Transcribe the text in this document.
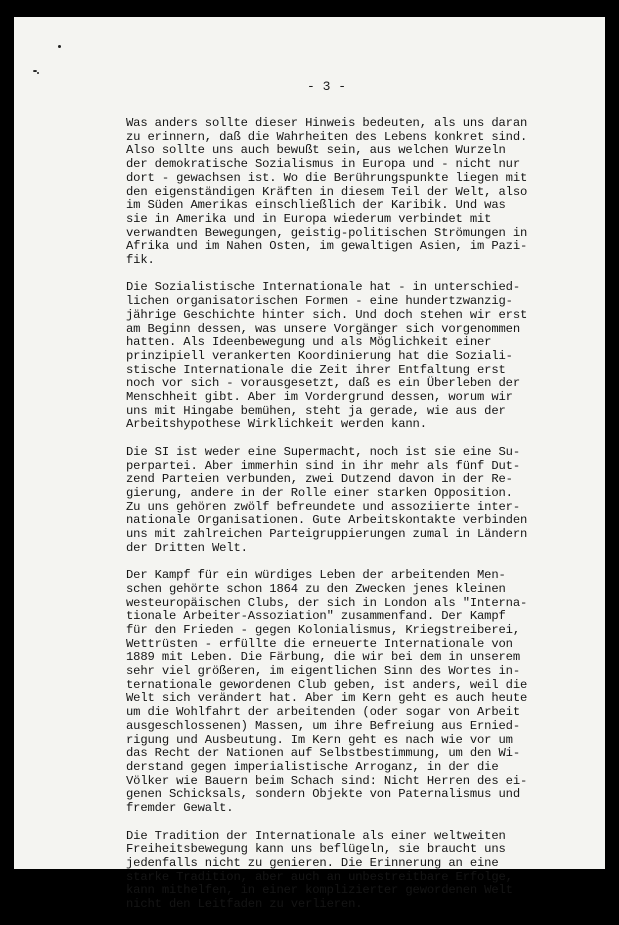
- 3 -
Was anders sollte dieser Hinweis bedeuten, als uns daran
zu erinnern, daß die Wahrheiten des Lebens konkret sind.
Also sollte uns auch bewußt sein, aus welchen Wurzeln
der demokratische Sozialismus in Europa und - nicht nur
dort - gewachsen ist. Wo die Berührungspunkte liegen mit
den eigenständigen Kräften in diesem Teil der Welt, also
im Süden Amerikas einschließlich der Karibik. Und was
sie in Amerika und in Europa wiederum verbindet mit
verwandten Bewegungen, geistig-politischen Strömungen in
Afrika und im Nahen Osten, im gewaltigen Asien, im Pazi-
fik.
Die Sozialistische Internationale hat - in unterschied-
lichen organisatorischen Formen - eine hundertzwanzig-
jährige Geschichte hinter sich. Und doch stehen wir erst
am Beginn dessen, was unsere Vorgänger sich vorgenommen
hatten. Als Ideenbewegung und als Möglichkeit einer
prinzipiell verankerten Koordinierung hat die Soziali-
stische Internationale die Zeit ihrer Entfaltung erst
noch vor sich - vorausgesetzt, daß es ein Überleben der
Menschheit gibt. Aber im Vordergrund dessen, worum wir
uns mit Hingabe bemühen, steht ja gerade, wie aus der
Arbeitshypothese Wirklichkeit werden kann.
Die SI ist weder eine Supermacht, noch ist sie eine Su-
perpartei. Aber immerhin sind in ihr mehr als fünf Dut-
zend Parteien verbunden, zwei Dutzend davon in der Re-
gierung, andere in der Rolle einer starken Opposition.
Zu uns gehören zwölf befreundete und assoziierte inter-
nationale Organisationen. Gute Arbeitskontakte verbinden
uns mit zahlreichen Parteigruppierungen zumal in Ländern
der Dritten Welt.
Der Kampf für ein würdiges Leben der arbeitenden Men-
schen gehörte schon 1864 zu den Zwecken jenes kleinen
westeuropäischen Clubs, der sich in London als "Interna-
tionale Arbeiter-Assoziation" zusammenfand. Der Kampf
für den Frieden - gegen Kolonialismus, Kriegstreiberei,
Wettrüsten - erfüllte die erneuerte Internationale von
1889 mit Leben. Die Färbung, die wir bei dem in unserem
sehr viel größeren, im eigentlichen Sinn des Wortes in-
ternationale gewordenen Club geben, ist anders, weil die
Welt sich verändert hat. Aber im Kern geht es auch heute
um die Wohlfahrt der arbeitenden (oder sogar von Arbeit
ausgeschlossenen) Massen, um ihre Befreiung aus Ernied-
rigung und Ausbeutung. Im Kern geht es nach wie vor um
das Recht der Nationen auf Selbstbestimmung, um den Wi-
derstand gegen imperialistische Arroganz, in der die
Völker wie Bauern beim Schach sind: Nicht Herren des ei-
genen Schicksals, sondern Objekte von Paternalismus und
fremder Gewalt.
Die Tradition der Internationale als einer weltweiten
Freiheitsbewegung kann uns beflügeln, sie braucht uns
jedenfalls nicht zu genieren. Die Erinnerung an eine
starke Tradition, aber auch an unbestreitbare Erfolge,
kann mithelfen, in einer komplizierter gewordenen Welt
nicht den Leitfaden zu verlieren.
